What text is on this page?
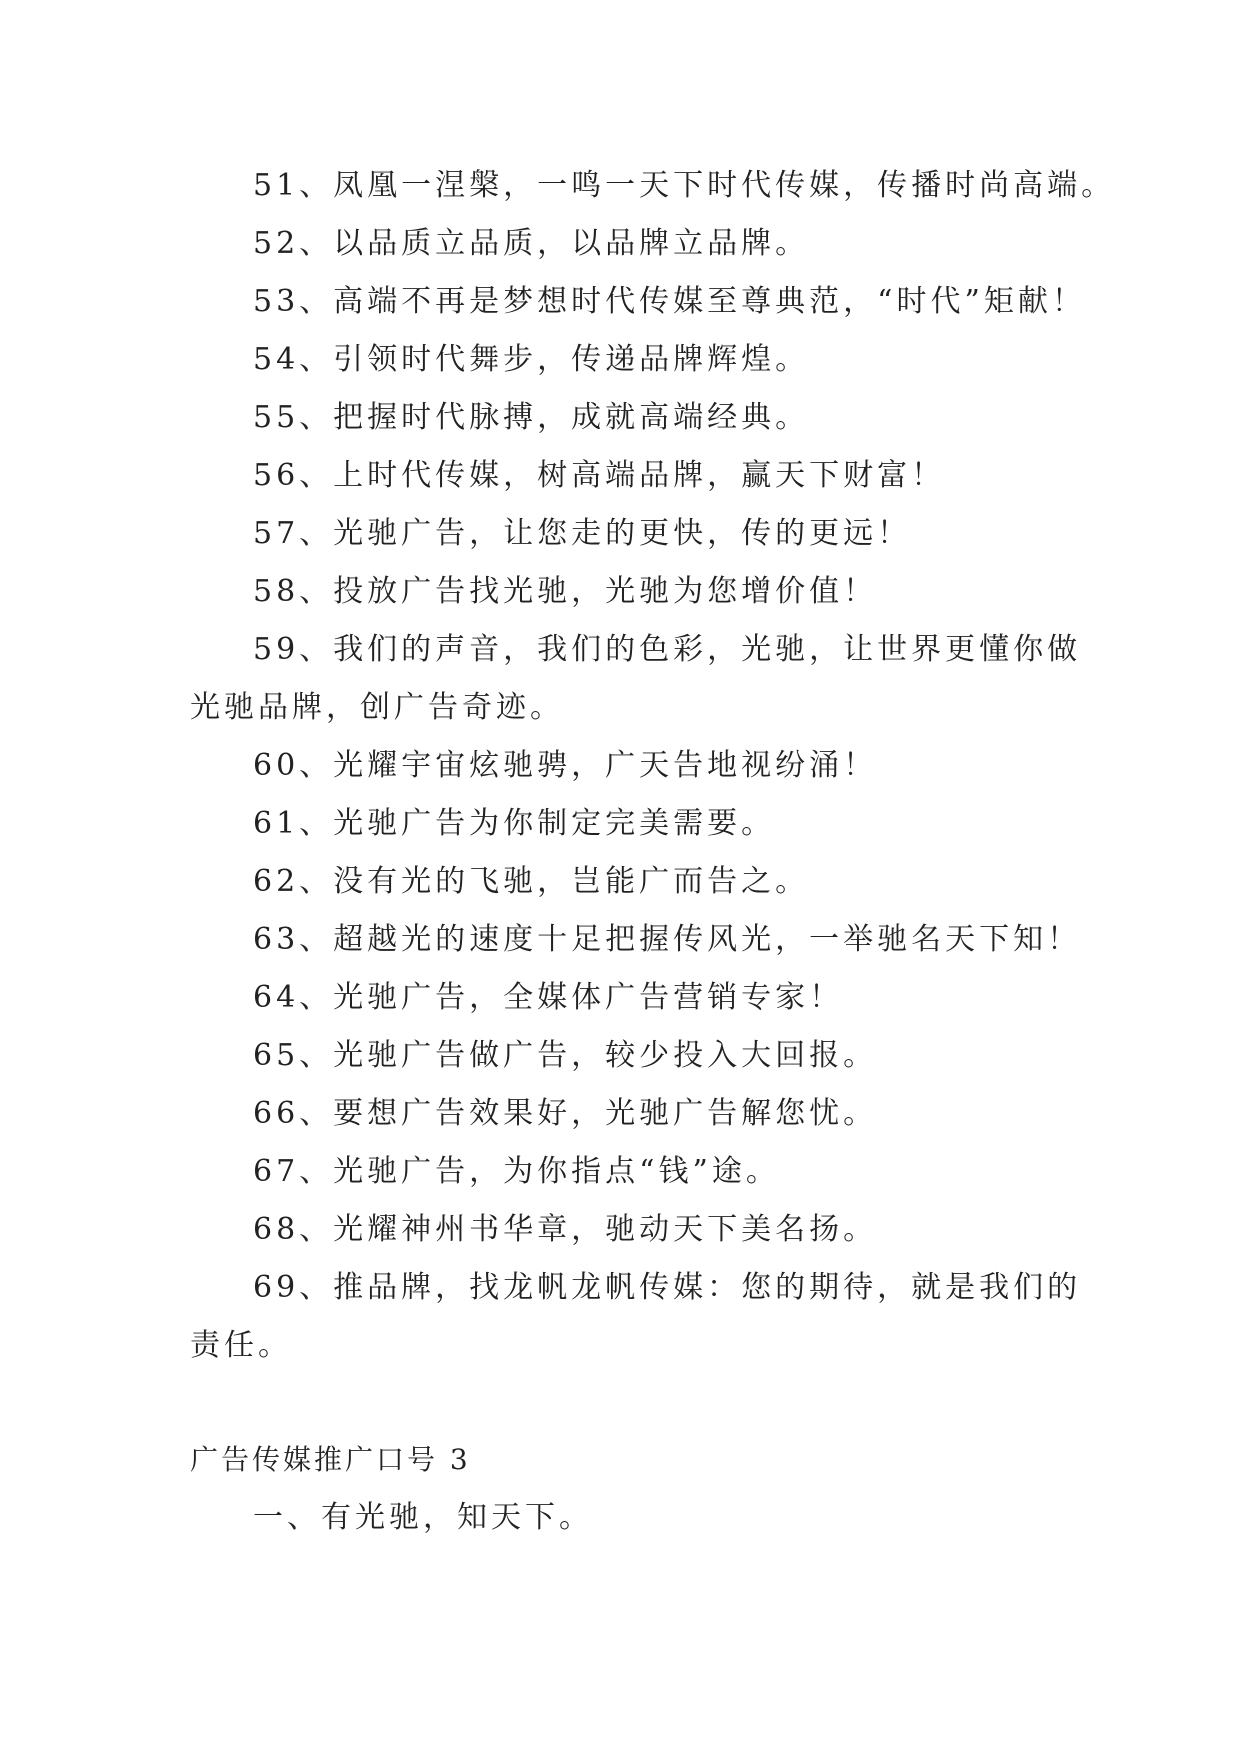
51、凤凰一涅槃，一鸣一天下时代传媒，传播时尚高端。
52、以品质立品质，以品牌立品牌。
53、高端不再是梦想时代传媒至尊典范，“时代”矩献！
54、引领时代舞步，传递品牌辉煌。
55、把握时代脉搏，成就高端经典。
56、上时代传媒，树高端品牌，赢天下财富！
57、光驰广告，让您走的更快，传的更远！
58、投放广告找光驰，光驰为您增价值！
59、我们的声音，我们的色彩，光驰，让世界更懂你做
光驰品牌，创广告奇迹。
60、光耀宇宙炫驰骋，广天告地视纷涌！
61、光驰广告为你制定完美需要。
62、没有光的飞驰，岂能广而告之。
63、超越光的速度十足把握传风光，一举驰名天下知！
64、光驰广告，全媒体广告营销专家！
65、光驰广告做广告，较少投入大回报。
66、要想广告效果好，光驰广告解您忧。
67、光驰广告，为你指点“钱”途。
68、光耀神州书华章，驰动天下美名扬。
69、推品牌，找龙帆龙帆传媒：您的期待，就是我们的
责任。
广告传媒推广口号 3
一、有光驰，知天下。
